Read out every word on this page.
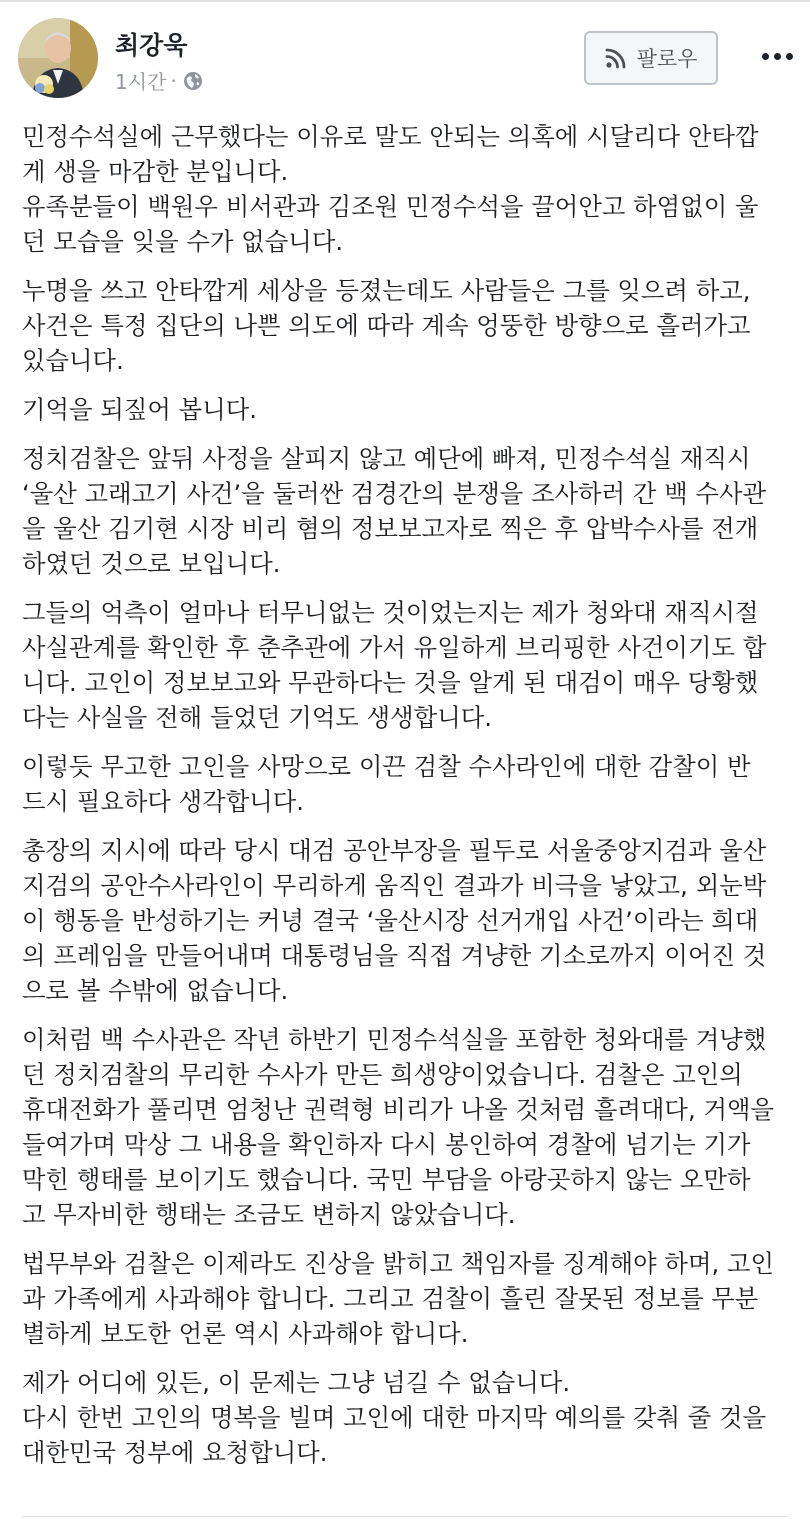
최강욱
1시간 ·
팔로우

민정수석실에 근무했다는 이유로 말도 안되는 의혹에 시달리다 안타깝
게 생을 마감한 분입니다.
유족분들이 백원우 비서관과 김조원 민정수석을 끌어안고 하염없이 울
던 모습을 잊을 수가 없습니다.

누명을 쓰고 안타깝게 세상을 등졌는데도 사람들은 그를 잊으려 하고,
사건은 특정 집단의 나쁜 의도에 따라 계속 엉뚱한 방향으로 흘러가고
있습니다.

기억을 되짚어 봅니다.

정치검찰은 앞뒤 사정을 살피지 않고 예단에 빠져, 민정수석실 재직시
‘울산 고래고기 사건’을 둘러싼 검경간의 분쟁을 조사하러 간 백 수사관
을 울산 김기현 시장 비리 혐의 정보보고자로 찍은 후 압박수사를 전개
하였던 것으로 보입니다.

그들의 억측이 얼마나 터무니없는 것이었는지는 제가 청와대 재직시절
사실관계를 확인한 후 춘추관에 가서 유일하게 브리핑한 사건이기도 합
니다. 고인이 정보보고와 무관하다는 것을 알게 된 대검이 매우 당황했
다는 사실을 전해 들었던 기억도 생생합니다.

이렇듯 무고한 고인을 사망으로 이끈 검찰 수사라인에 대한 감찰이 반
드시 필요하다 생각합니다.

총장의 지시에 따라 당시 대검 공안부장을 필두로 서울중앙지검과 울산
지검의 공안수사라인이 무리하게 움직인 결과가 비극을 낳았고, 외눈박
이 행동을 반성하기는 커녕 결국 ‘울산시장 선거개입 사건’이라는 희대
의 프레임을 만들어내며 대통령님을 직접 겨냥한 기소로까지 이어진 것
으로 볼 수밖에 없습니다.

이처럼 백 수사관은 작년 하반기 민정수석실을 포함한 청와대를 겨냥했
던 정치검찰의 무리한 수사가 만든 희생양이었습니다. 검찰은 고인의
휴대전화가 풀리면 엄청난 권력형 비리가 나올 것처럼 흘려대다, 거액을
들여가며 막상 그 내용을 확인하자 다시 봉인하여 경찰에 넘기는 기가
막힌 행태를 보이기도 했습니다. 국민 부담을 아랑곳하지 않는 오만하
고 무자비한 행태는 조금도 변하지 않았습니다.

법무부와 검찰은 이제라도 진상을 밝히고 책임자를 징계해야 하며, 고인
과 가족에게 사과해야 합니다. 그리고 검찰이 흘린 잘못된 정보를 무분
별하게 보도한 언론 역시 사과해야 합니다.

제가 어디에 있든, 이 문제는 그냥 넘길 수 없습니다.
다시 한번 고인의 명복을 빌며 고인에 대한 마지막 예의를 갖춰 줄 것을
대한민국 정부에 요청합니다.
